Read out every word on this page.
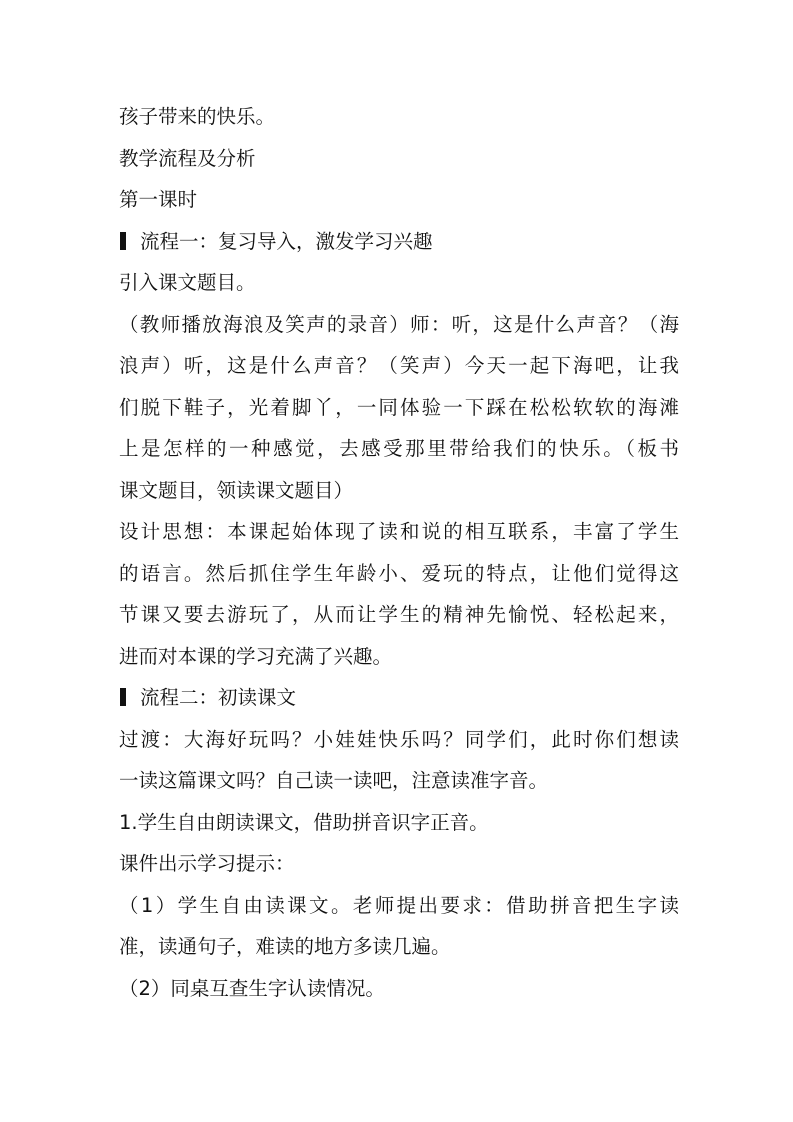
孩子带来的快乐。
教学流程及分析
第一课时
流程一：复习导入，激发学习兴趣
引入课文题目。
（教师播放海浪及笑声的录音）师：听，这是什么声音？（海
浪声）听，这是什么声音？（笑声）今天一起下海吧，让我
们脱下鞋子，光着脚丫，一同体验一下踩在松松软软的海滩
上是怎样的一种感觉，去感受那里带给我们的快乐。（板书
课文题目，领读课文题目）
设计思想：本课起始体现了读和说的相互联系，丰富了学生
的语言。然后抓住学生年龄小、爱玩的特点，让他们觉得这
节课又要去游玩了，从而让学生的精神先愉悦、轻松起来，
进而对本课的学习充满了兴趣。
流程二：初读课文
过渡：大海好玩吗？小娃娃快乐吗？同学们，此时你们想读
一读这篇课文吗？自己读一读吧，注意读准字音。
1.学生自由朗读课文，借助拼音识字正音。
课件出示学习提示：
（1）学生自由读课文。老师提出要求：借助拼音把生字读
准，读通句子，难读的地方多读几遍。
（2）同桌互查生字认读情况。
